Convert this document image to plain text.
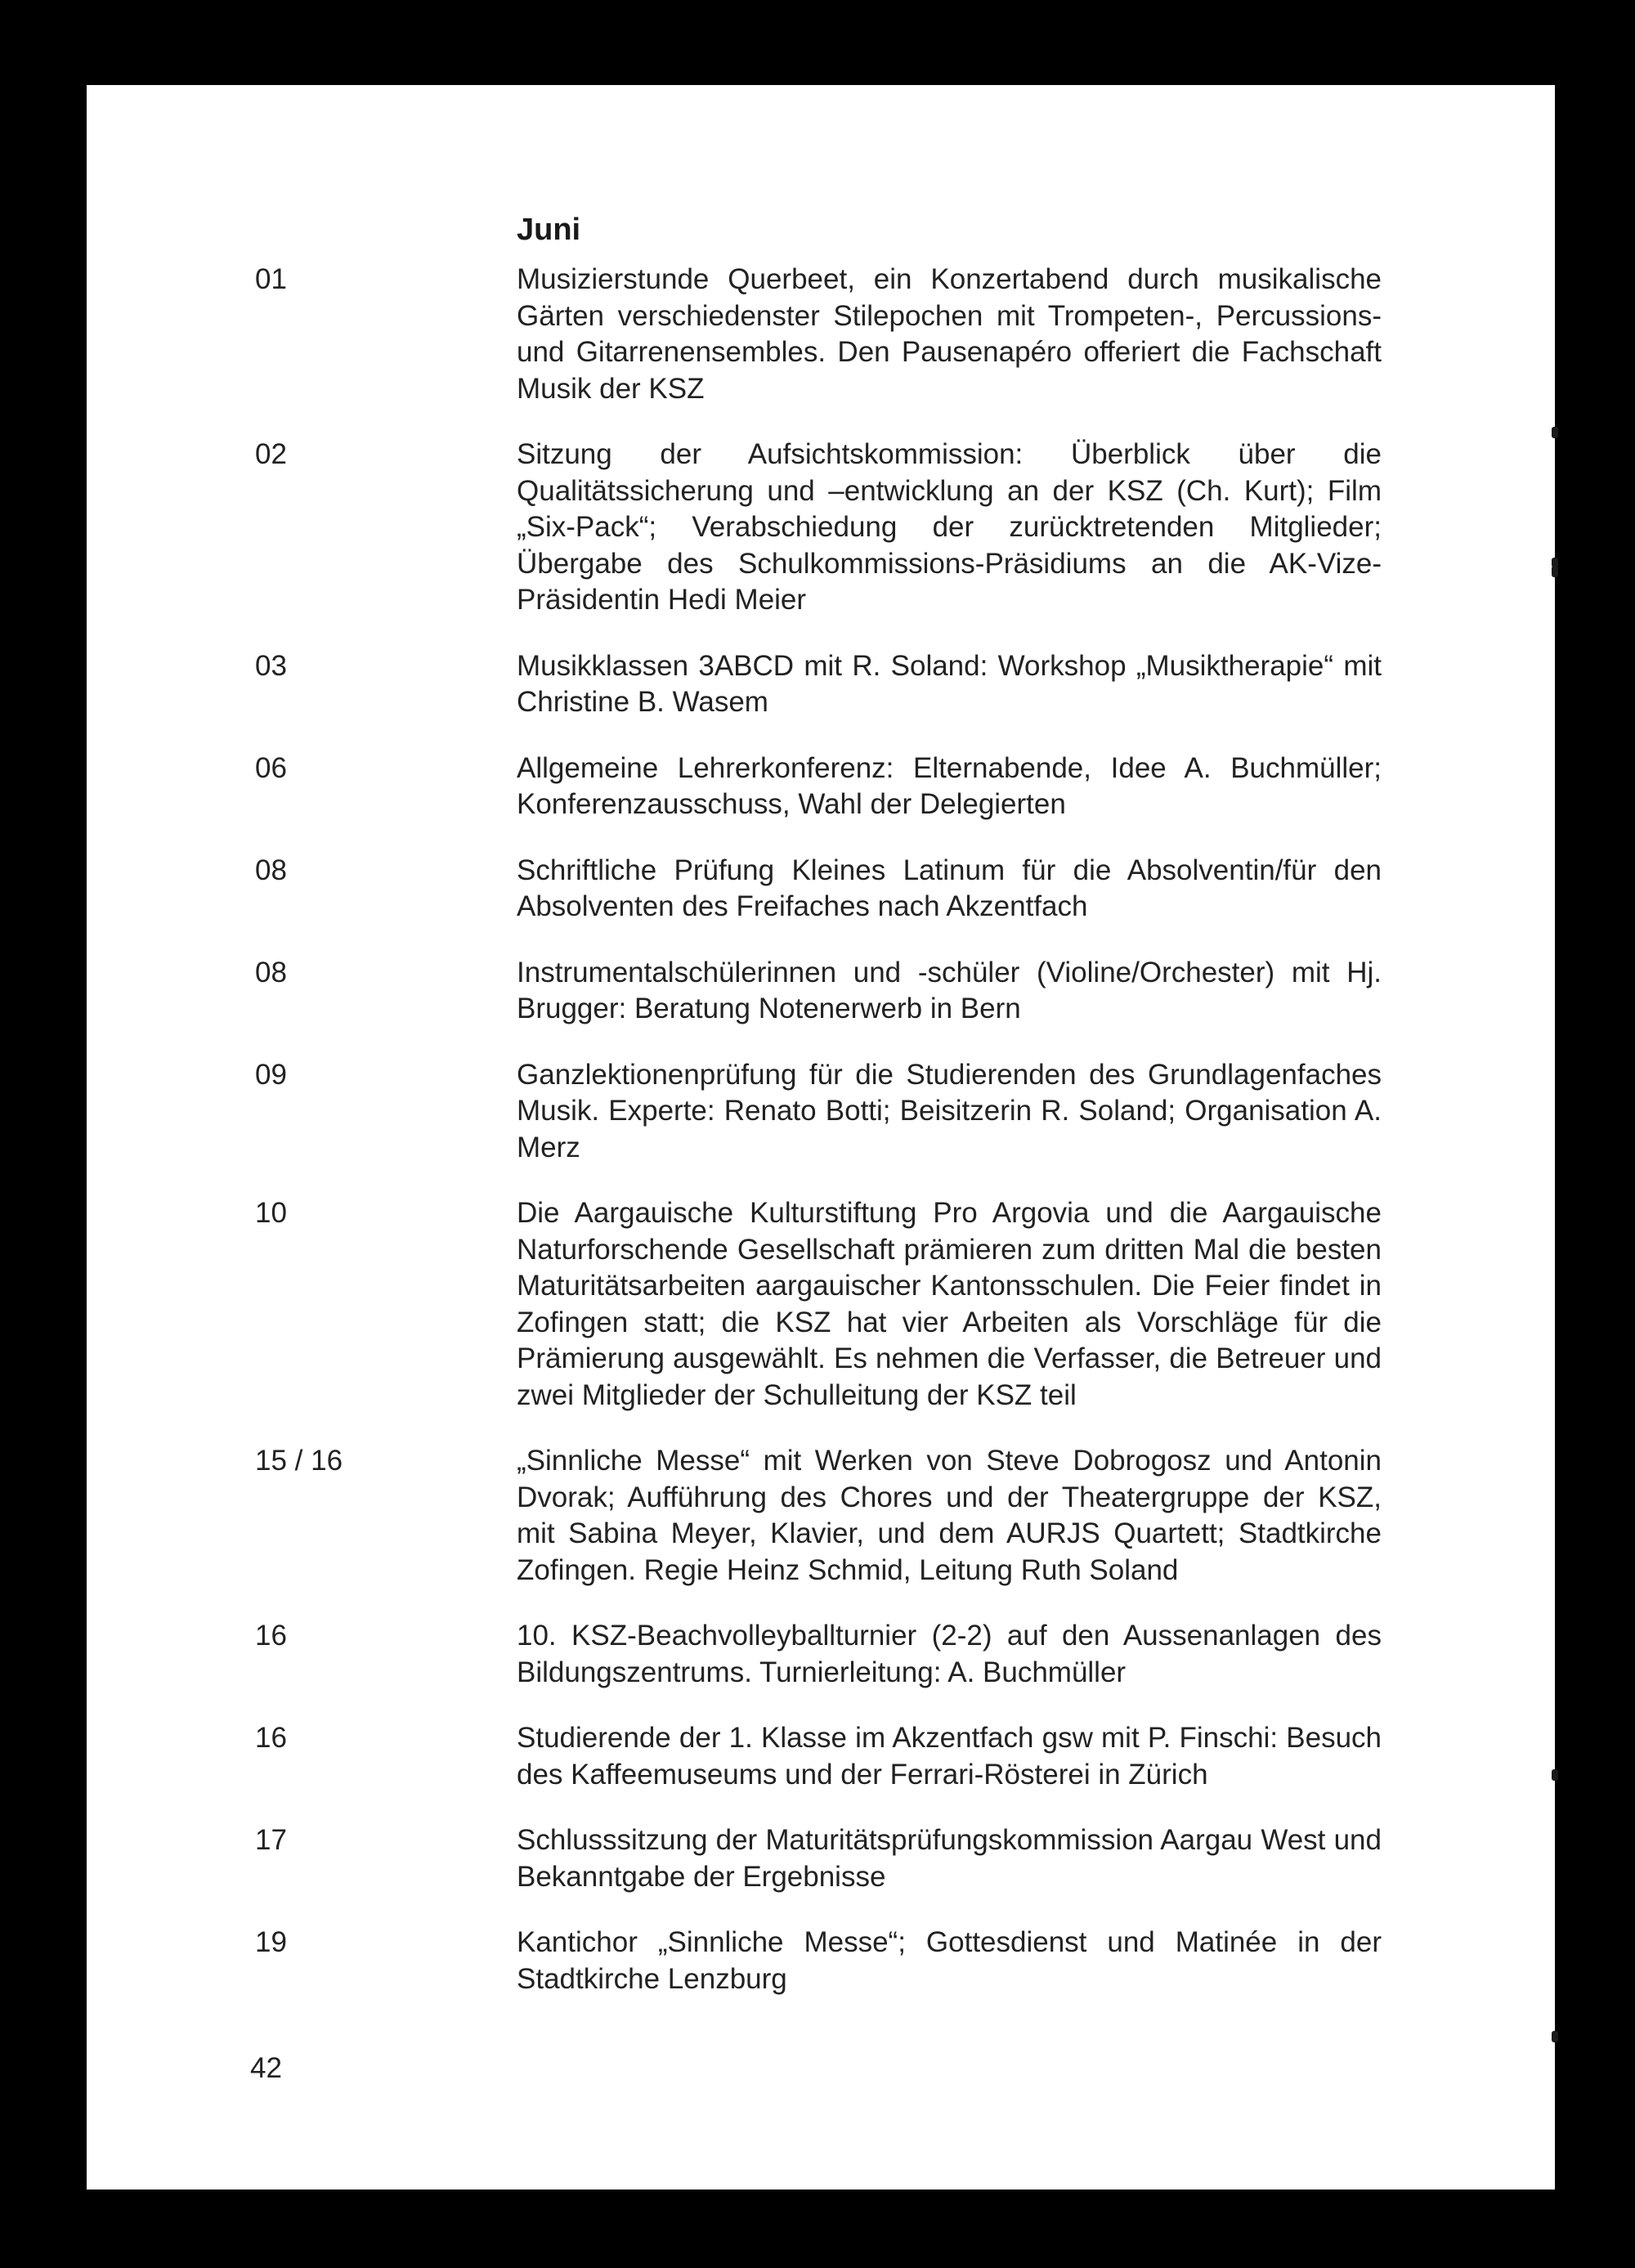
Juni
01	Musizierstunde Querbeet, ein Konzertabend durch musikalische Gärten verschiedenster Stilepochen mit Trompeten-, Percussions- und Gitarrenensembles. Den Pausenapéro offeriert die Fachschaft Musik der KSZ
02	Sitzung der Aufsichtskommission: Überblick über die Qualitätssicherung und –entwicklung an der KSZ (Ch. Kurt); Film „Six-Pack“; Verabschiedung der zurücktretenden Mitglieder; Übergabe des Schulkommissions-Präsidiums an die AK-Vize-Präsidentin Hedi Meier
03	Musikklassen 3ABCD mit R. Soland: Workshop „Musiktherapie“ mit Christine B. Wasem
06	Allgemeine Lehrerkonferenz: Elternabende, Idee A. Buchmüller; Konferenzausschuss, Wahl der Delegierten
08	Schriftliche Prüfung Kleines Latinum für die Absolventin/für den Absolventen des Freifaches nach Akzentfach
08	Instrumentalschülerinnen und -schüler (Violine/Orchester) mit Hj. Brugger: Beratung Notenerwerb in Bern
09	Ganzlektionenprüfung für die Studierenden des Grundlagenfaches Musik. Experte: Renato Botti; Beisitzerin R. Soland; Organisation A. Merz
10	Die Aargauische Kulturstiftung Pro Argovia und die Aargauische Naturforschende Gesellschaft prämieren zum dritten Mal die besten Maturitätsarbeiten aargauischer Kantonsschulen. Die Feier findet in Zofingen statt; die KSZ hat vier Arbeiten als Vorschläge für die Prämierung ausgewählt. Es nehmen die Verfasser, die Betreuer und zwei Mitglieder der Schulleitung der KSZ teil
15 / 16	„Sinnliche Messe“ mit Werken von Steve Dobrogosz und Antonin Dvorak; Aufführung des Chores und der Theatergruppe der KSZ, mit Sabina Meyer, Klavier, und dem AURJS Quartett; Stadtkirche Zofingen. Regie Heinz Schmid, Leitung Ruth Soland
16	10. KSZ-Beachvolleyballturnier (2-2) auf den Aussenanlagen des Bildungszentrums. Turnierleitung: A. Buchmüller
16	Studierende der 1. Klasse im Akzentfach gsw mit P. Finschi: Besuch des Kaffeemuseums und der Ferrari-Rösterei in Zürich
17	Schlusssitzung der Maturitätsprüfungskommission Aargau West und Bekanntgabe der Ergebnisse
19	Kantichor „Sinnliche Messe“; Gottesdienst und Matinée in der Stadtkirche Lenzburg
42
